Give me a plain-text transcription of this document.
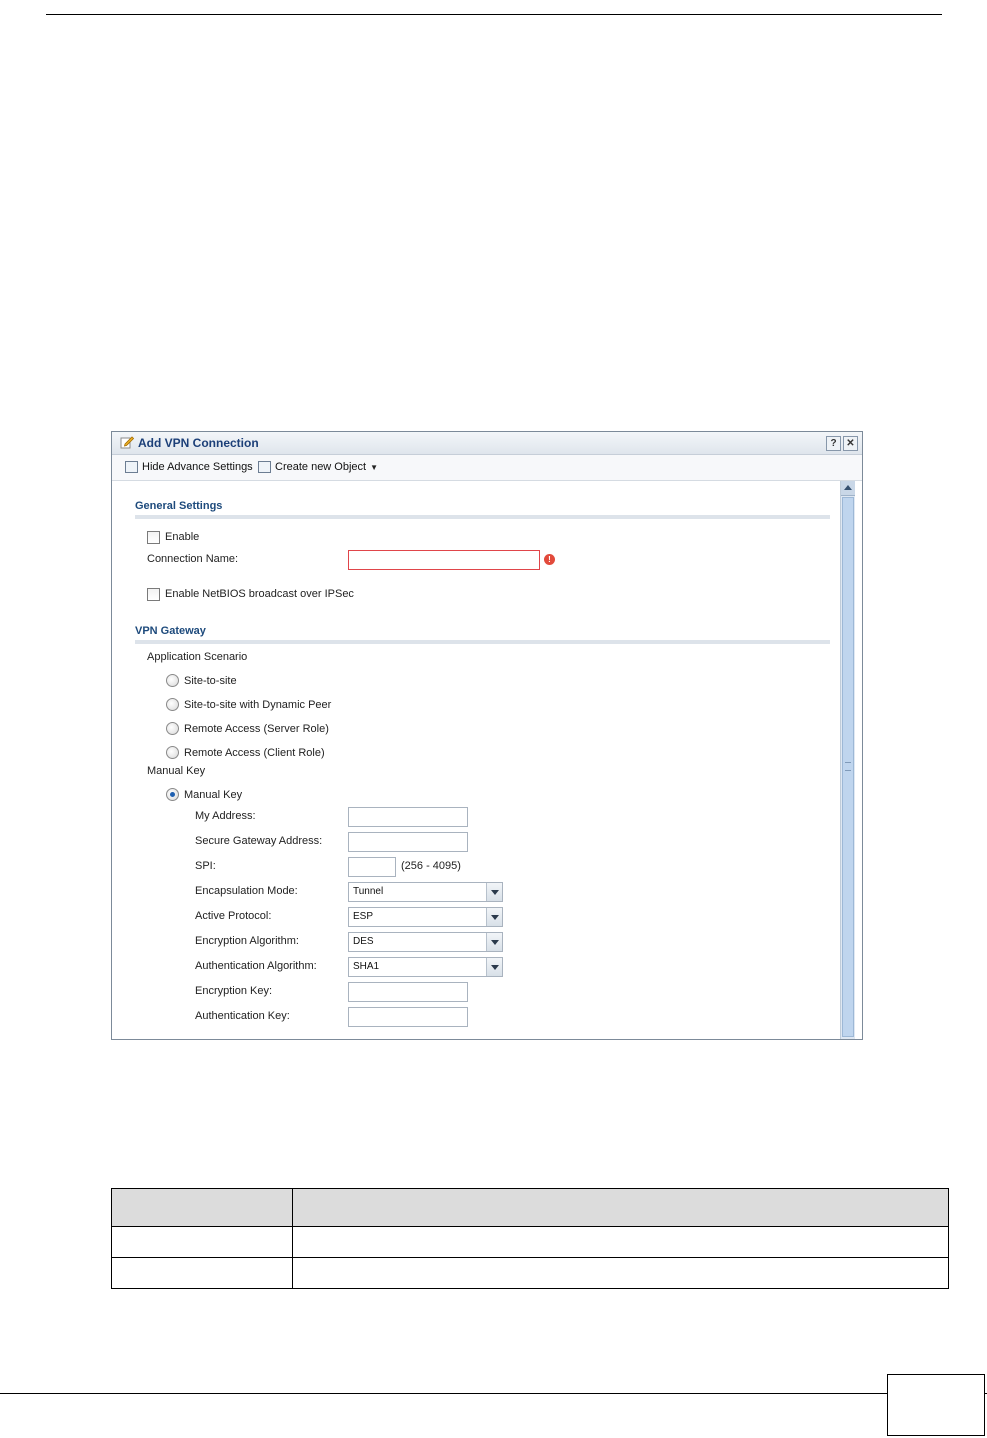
Add VPN Connection	? ✕
Hide Advance Settings Create new Object ▼
General Settings
Enable
Connection Name:	!
Enable NetBIOS broadcast over IPSec
VPN Gateway
Application Scenario
Site-to-site
Site-to-site with Dynamic Peer
Remote Access (Server Role)
Remote Access (Client Role)
Manual Key
Manual Key
My Address:
Secure Gateway Address:
SPI:	(256 - 4095)
Encapsulation Mode:	Tunnel
Active Protocol:	ESP
Encryption Algorithm:	DES
Authentication Algorithm:	SHA1
Encryption Key:
Authentication Key:
